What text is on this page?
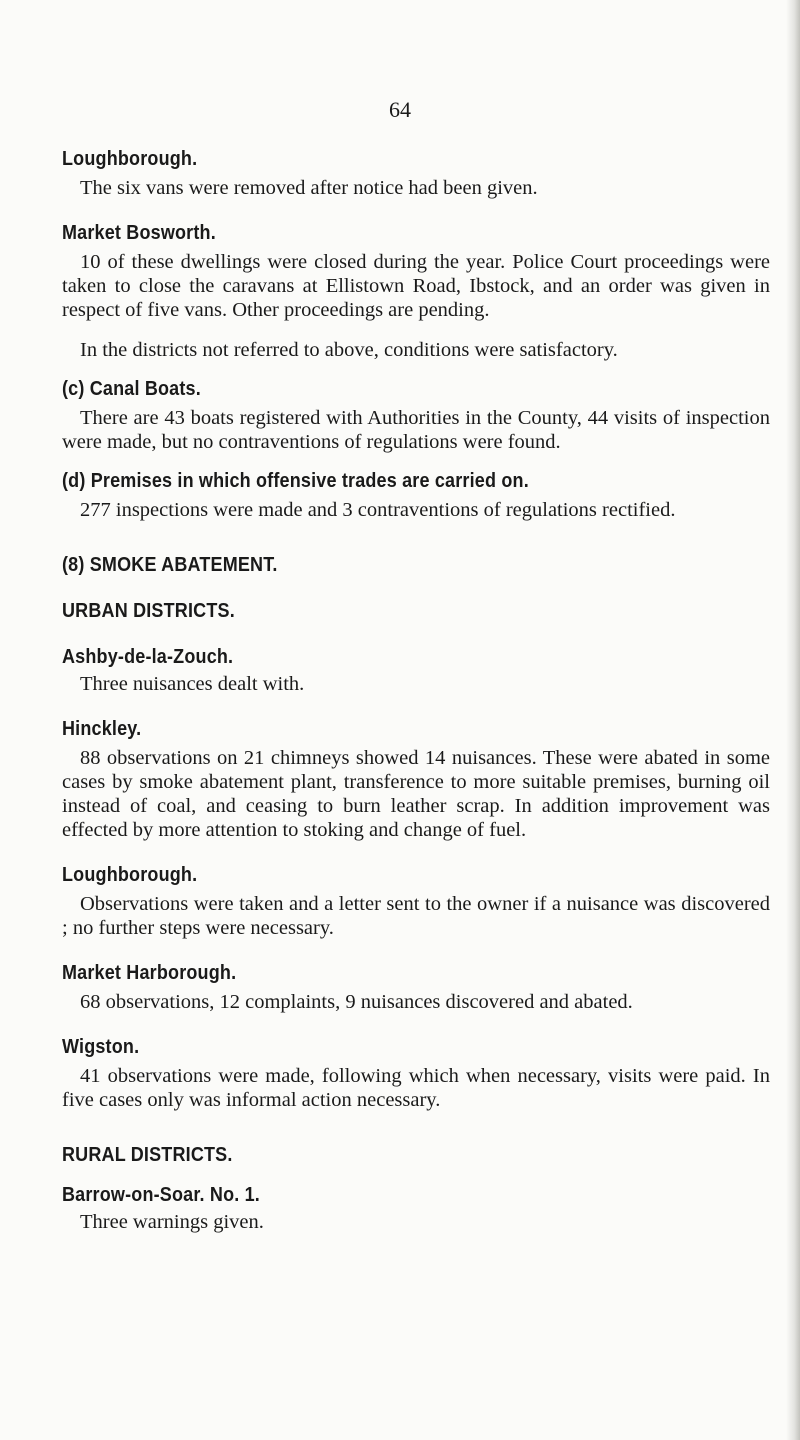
64

Loughborough.

The six vans were removed after notice had been given.

Market Bosworth.

10 of these dwellings were closed during the year. Police Court proceedings were taken to close the caravans at Ellistown Road, Ibstock, and an order was given in respect of five vans. Other proceedings are pending.

In the districts not referred to above, conditions were satisfactory.

(c) Canal Boats.

There are 43 boats registered with Authorities in the County, 44 visits of inspection were made, but no contraventions of regulations were found.

(d) Premises in which offensive trades are carried on.

277 inspections were made and 3 contraventions of regulations rectified.

(8) SMOKE ABATEMENT.

URBAN DISTRICTS.

Ashby-de-la-Zouch.

Three nuisances dealt with.

Hinckley.

88 observations on 21 chimneys showed 14 nuisances. These were abated in some cases by smoke abatement plant, transference to more suitable premises, burning oil instead of coal, and ceasing to burn leather scrap. In addition improvement was effected by more attention to stoking and change of fuel.

Loughborough.

Observations were taken and a letter sent to the owner if a nuisance was discovered ; no further steps were necessary.

Market Harborough.

68 observations, 12 complaints, 9 nuisances discovered and abated.

Wigston.

41 observations were made, following which when necessary, visits were paid. In five cases only was informal action necessary.

RURAL DISTRICTS.

Barrow-on-Soar. No. 1.

Three warnings given.
